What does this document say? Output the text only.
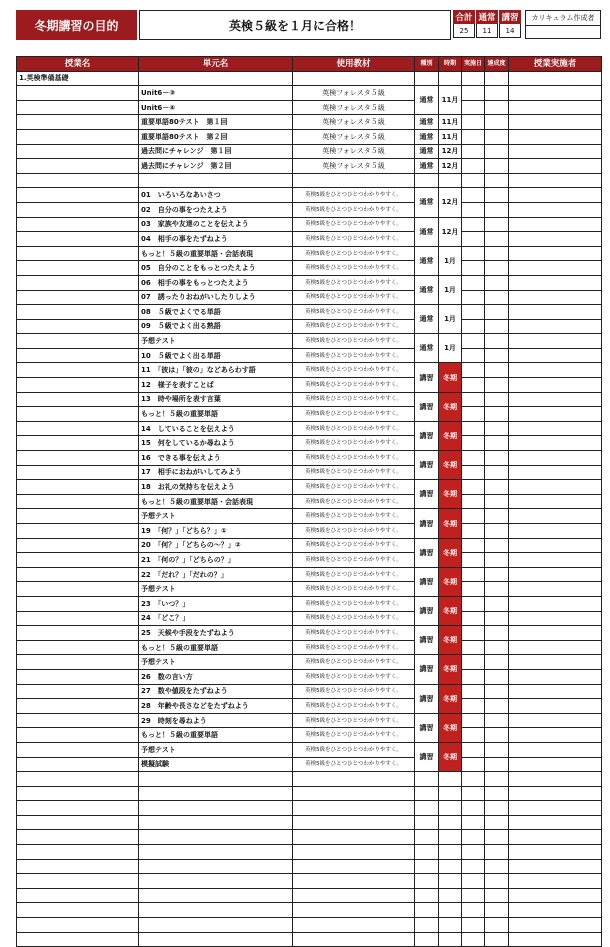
冬期講習の目的	英検５級を１月に合格！
合計
25
通常
11
講習
14
カリキュラム作成者
授業名	単元名	使用教材	種別	時期	実施日	達成度	授業実施者
1.英検準備基礎							
	Unit6－③	英検フォレスタ５級	通常	11月			
	Unit6－④	英検フォレスタ５級					
	重要単語80テスト　第１回	英検フォレスタ５級	通常	11月			
	重要単語80テスト　第２回	英検フォレスタ５級	通常	11月			
	過去問にチャレンジ　第１回	英検フォレスタ５級	通常	12月			
	過去問にチャレンジ　第２回	英検フォレスタ５級	通常	12月			

	01　いろいろなあいさつ	英検5級をひとつひとつわかりやすく。	通常	12月			
	02　自分の事をつたえよう	英検5級をひとつひとつわかりやすく。					
	03　家族や友達のことを伝えよう	英検5級をひとつひとつわかりやすく。	通常	12月			
	04　相手の事をたずねよう	英検5級をひとつひとつわかりやすく。					
	もっと！５級の重要単語・会話表現	英検5級をひとつひとつわかりやすく。	通常	1月			
	05　自分のことをもっとつたえよう	英検5級をひとつひとつわかりやすく。					
	06　相手の事をもっとつたえよう	英検5級をひとつひとつわかりやすく。	通常	1月			
	07　誘ったりおねがいしたりしよう	英検5級をひとつひとつわかりやすく。					
	08　５級でよくでる単語	英検5級をひとつひとつわかりやすく。	通常	1月			
	09　５級でよく出る熟語	英検5級をひとつひとつわかりやすく。					
	予想テスト	英検5級をひとつひとつわかりやすく。	通常	1月			
	10　５級でよく出る単語	英検5級をひとつひとつわかりやすく。					
	11　「彼は」「彼の」などあらわす語	英検5級をひとつひとつわかりやすく。	講習	冬期			
	12　様子を表すことば	英検5級をひとつひとつわかりやすく。					
	13　時や場所を表す言葉	英検5級をひとつひとつわかりやすく。	講習	冬期			
	もっと！５級の重要単語	英検5級をひとつひとつわかりやすく。					
	14　していることを伝えよう	英検5級をひとつひとつわかりやすく。	講習	冬期			
	15　何をしているか尋ねよう	英検5級をひとつひとつわかりやすく。					
	16　できる事を伝えよう	英検5級をひとつひとつわかりやすく。	講習	冬期			
	17　相手におねがいしてみよう	英検5級をひとつひとつわかりやすく。					
	18　お礼の気持ちを伝えよう	英検5級をひとつひとつわかりやすく。	講習	冬期			
	もっと！５級の重要単語・会話表現	英検5級をひとつひとつわかりやすく。					
	予想テスト	英検5級をひとつひとつわかりやすく。	講習	冬期			
	19　「何？」「どちら？」①	英検5級をひとつひとつわかりやすく。					
	20　「何？」「どちらの～？」②	英検5級をひとつひとつわかりやすく。	講習	冬期			
	21　「何の？」「どちらの？」	英検5級をひとつひとつわかりやすく。					
	22　「だれ？」「だれの？」	英検5級をひとつひとつわかりやすく。	講習	冬期			
	予想テスト	英検5級をひとつひとつわかりやすく。					
	23　「いつ？」	英検5級をひとつひとつわかりやすく。	講習	冬期			
	24　「どこ？」	英検5級をひとつひとつわかりやすく。					
	25　天候や手段をたずねよう	英検5級をひとつひとつわかりやすく。	講習	冬期			
	もっと！５級の重要単語	英検5級をひとつひとつわかりやすく。					
	予想テスト	英検5級をひとつひとつわかりやすく。	講習	冬期			
	26　数の言い方	英検5級をひとつひとつわかりやすく。					
	27　数や値段をたずねよう	英検5級をひとつひとつわかりやすく。	講習	冬期			
	28　年齢や長さなどをたずねよう	英検5級をひとつひとつわかりやすく。					
	29　時刻を尋ねよう	英検5級をひとつひとつわかりやすく。	講習	冬期			
	もっと！５級の重要単語	英検5級をひとつひとつわかりやすく。					
	予想テスト	英検5級をひとつひとつわかりやすく。	講習	冬期			
	模擬試験	英検5級をひとつひとつわかりやすく。					
